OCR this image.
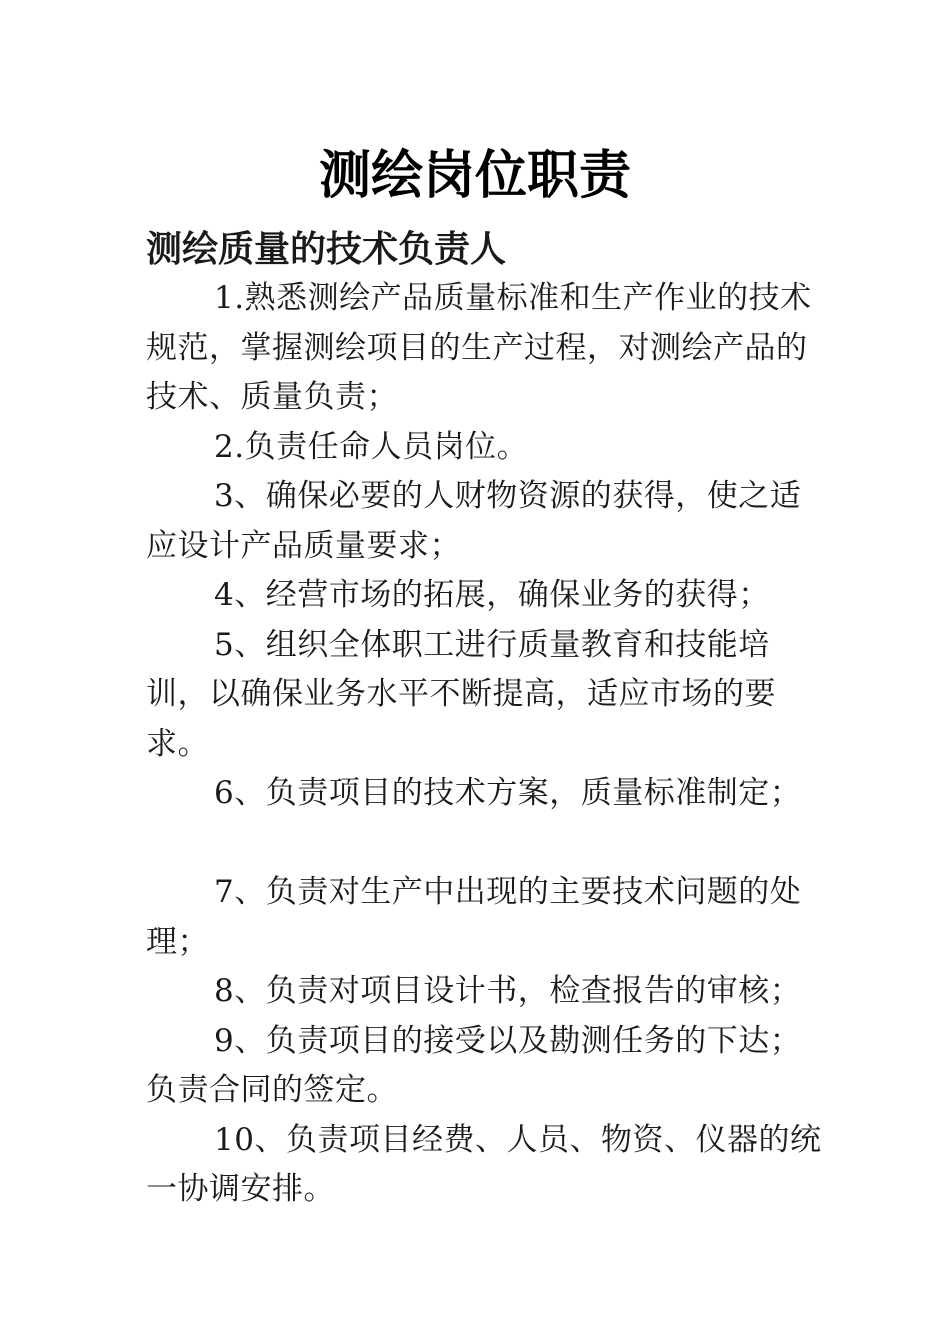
测绘岗位职责
测绘质量的技术负责人

1.熟悉测绘产品质量标准和生产作业的技术规范，掌握测绘项目的生产过程，对测绘产品的技术、质量负责；

2.负责任命人员岗位。

3、确保必要的人财物资源的获得，使之适应设计产品质量要求；

4、经营市场的拓展，确保业务的获得；

5、组织全体职工进行质量教育和技能培训，以确保业务水平不断提高，适应市场的要求。

6、负责项目的技术方案，质量标准制定；

7、负责对生产中出现的主要技术问题的处理；

8、负责对项目设计书，检查报告的审核；

9、负责项目的接受以及勘测任务的下达；负责合同的签定。

10、负责项目经费、人员、物资、仪器的统一协调安排。
